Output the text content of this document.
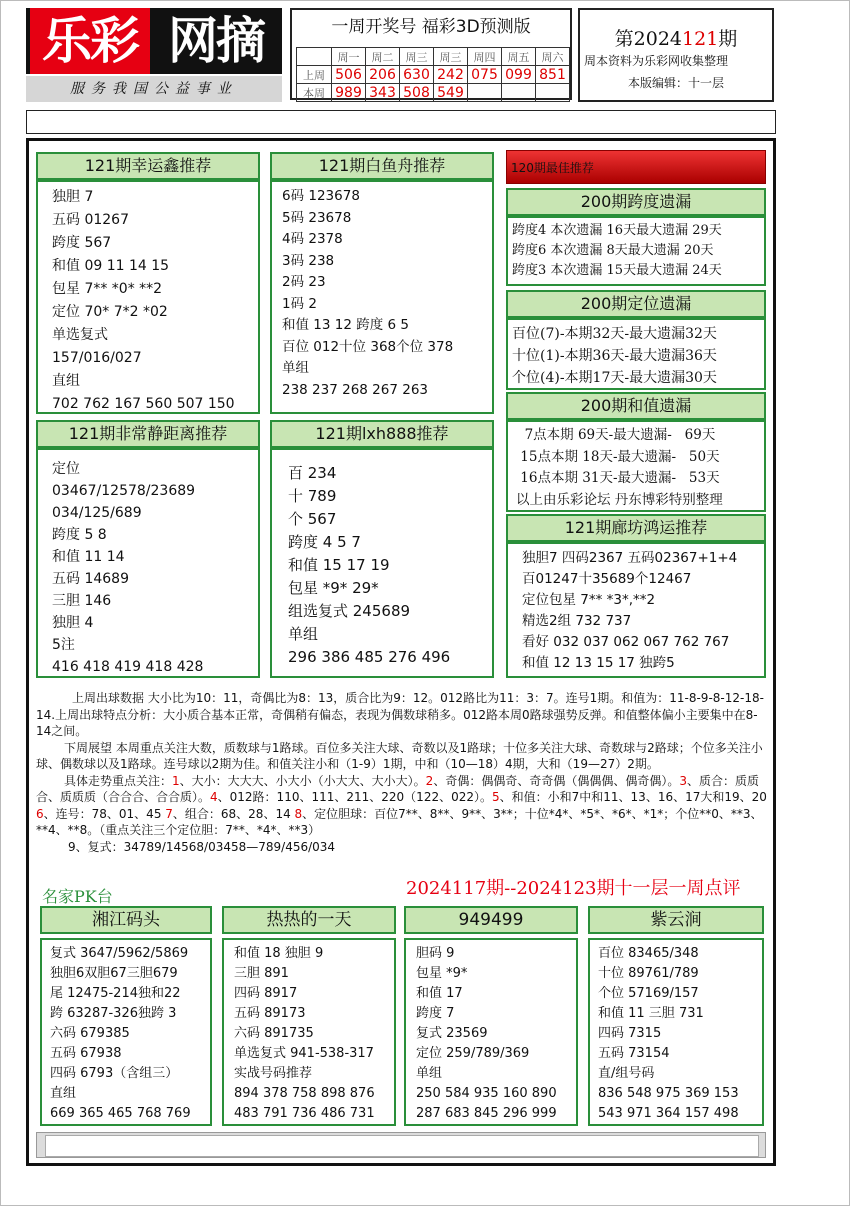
乐彩 网摘
服务我国公益事业
一周开奖号 福彩3D预测版
	周一	周二	周三	周三	周四	周五	周六
上周	506	206	630	242	075	099	851
本周	989	343	508	549			
第2024121期
周本资料为乐彩网收集整理
本版编辑：十一层
121期幸运鑫推荐
独胆 7
五码 01267
跨度 567
和值 09 11 14 15
包星 7** *0* **2
定位 70* 7*2 *02
单选复式
157/016/027
直组
702 762 167 560 507 150
121期白鱼舟推荐
6码 123678
5码 23678
4码 2378
3码 238
2码 23
1码 2
和值 13 12 跨度 6 5
百位 012十位 368个位 378
单组
238 237 268 267 263
121期非常静距离推荐
定位
03467/12578/23689
034/125/689
跨度 5 8
和值 11 14
五码 14689
三胆 146
独胆 4
5注
416 418 419 418 428
121期lxh888推荐
百 234
十 789
个 567
跨度 4 5 7
和值 15 17 19
包星 *9* 29*
组选复式 245689
单组
296 386 485 276 496
120期最佳推荐
200期跨度遗漏
跨度4 本次遗漏 16天最大遗漏 29天
跨度6 本次遗漏 8天最大遗漏 20天
跨度3 本次遗漏 15天最大遗漏 24天
200期定位遗漏
百位(7)-本期32天-最大遗漏32天
十位(1)-本期36天-最大遗漏36天
个位(4)-本期17天-最大遗漏30天
200期和值遗漏
7点本期 69天-最大遗漏-   69天
15点本期 18天-最大遗漏-   50天
16点本期 31天-最大遗漏-   53天
以上由乐彩论坛 丹东博彩特别整理
121期廊坊鸿运推荐
独胆7 四码2367 五码02367+1+4
百01247十35689个12467
定位包星 7** *3*,**2
精选2组 732 737
看好 032 037 062 067 762 767
和值 12 13 15 17 独跨5

上周出球数据 大小比为10：11，奇偶比为8：13，质合比为9：12。012路比为11：3：7。连号1期。和值为：11-8-9-8-12-18-14.上周出球特点分析：大小质合基本正常，奇偶稍有偏态，表现为偶数球稍多。012路本周0路球强势反弹。和值整体偏小主要集中在8-14之间。

下周展望 本周重点关注大数，质数球与1路球。百位多关注大球、奇数以及1路球；十位多关注大球、奇数球与2路球；个位多关注小球、偶数球以及1路球。连号球以2期为佳。和值关注小和（1-9）1期，中和（10—18）4期，大和（19—27）2期。

具体走势重点关注：1、大小：大大大、小大小（小大大、大小大）。2、奇偶：偶偶奇、奇奇偶（偶偶偶、偶奇偶）。3、质合：质质合、质质质（合合合、合合质）。4、012路：110、111、211、220（122、022）。5、和值：小和7中和11、13、16、17大和19、20 6、连号：78、01、45 7、组合：68、28、14 8、定位胆球：百位7**、8**、9**、3**；十位*4*、*5*、*6*、*1*；个位**0、**3、**4、**8。（重点关注三个定位胆：7**、*4*、**3）

9、复式：34789/14568/03458—789/456/034

名家PK台	2024117期--2024123期十一层一周点评
湘江码头
复式 3647/5962/5869
独胆6双胆67三胆679
尾 12475-214独和22
跨 63287-326独跨 3
六码 679385
五码 67938
四码 6793（含组三）
直组
669 365 465 768 769
热热的一天
和值 18 独胆 9
三胆 891
四码 8917
五码 89173
六码 891735
单选复式 941-538-317
实战号码推荐
894 378 758 898 876
483 791 736 486 731
949499
胆码 9
包星 *9*
和值 17
跨度 7
复式 23569
定位 259/789/369
单组
250 584 935 160 890
287 683 845 296 999
紫云涧
百位 83465/348
十位 89761/789
个位 57169/157
和值 11 三胆 731
四码 7315
五码 73154
直/组号码
836 548 975 369 153
543 971 364 157 498
